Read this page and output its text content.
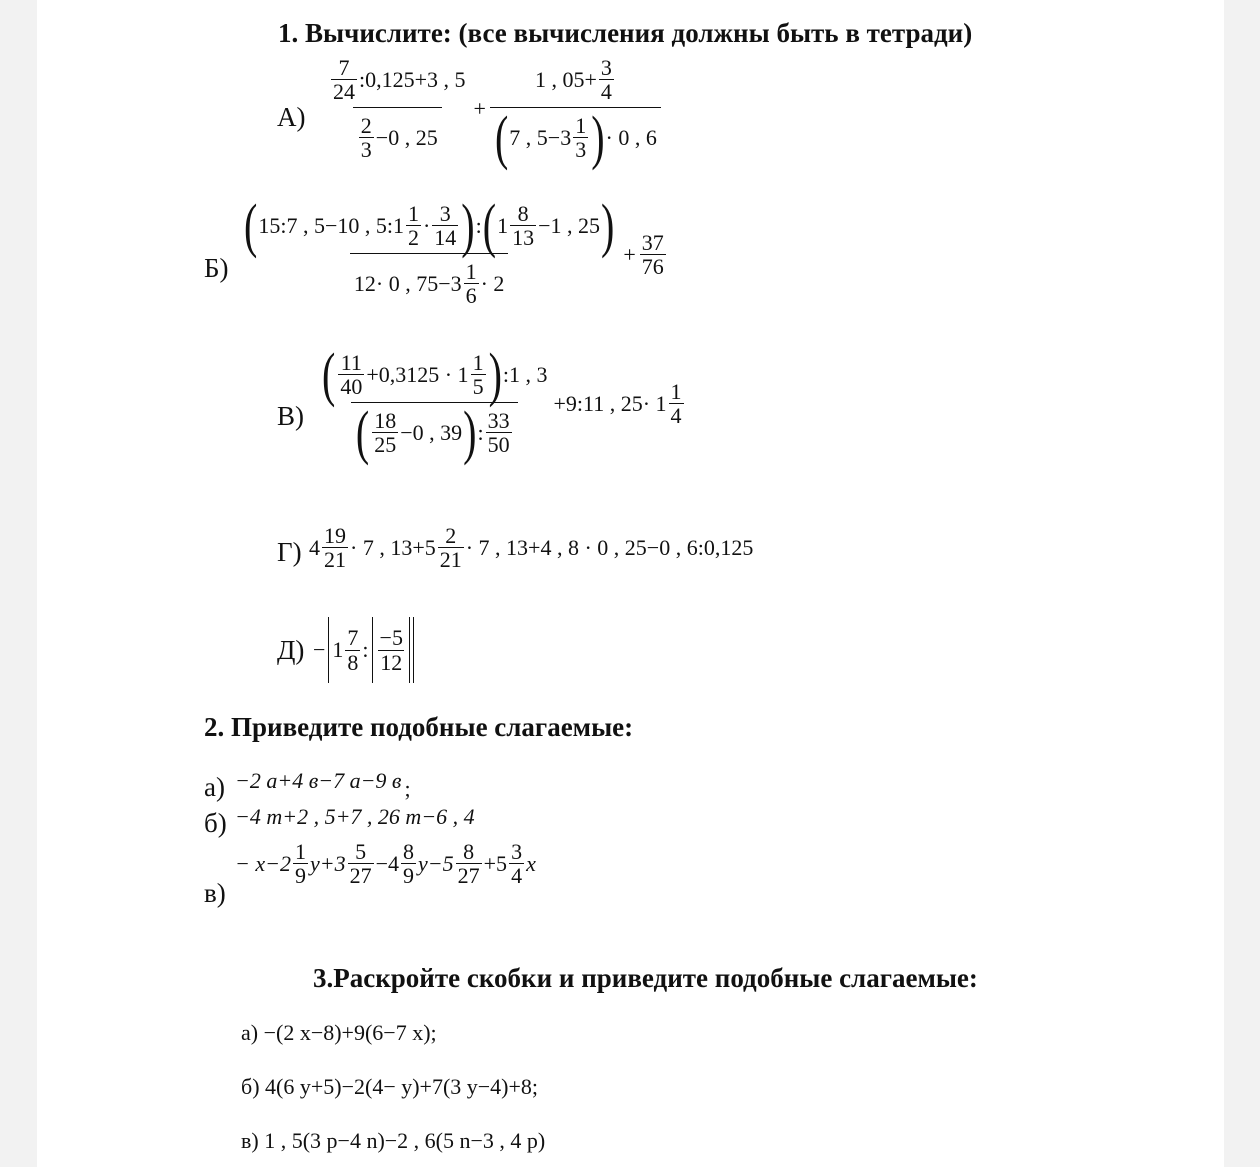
1. Вычислите: (все вычисления должны быть в тетради)
А)
7
24 :0,125+3 , 5
2
3 −0 , 25
+ 1 , $05+ \frac{3}{4}$
( 7 , 5−3 1
3 ) · 0 , 6
Б)
( 15:7 , 5−10 , 5:1 1
2 · 3
14 ) : ( 1 8
13 −1 , 25 )
12· 0 , 75−3 1
6 · 2
+ $\frac{37}{76}$
В)
( 11
40 +0,3125 · 1 1
5 ) :1 , 3
( 18
25 −0 , 39 ) : 33
50
+9:11 , 25· 1 1
4
Г) 4 19
21 · 7 , 13+5 2
21 · 7 , 13+4 , 8 · 0 , 25−0 , 6:0,125
Д) − 1 7
8 : −5
12
2. Приведите подобные слагаемые:
а) −2 а+4 в−7 а−9 в ;
б) −4 m+2 , 5+7 , 26 m−6 , 4
в)
− x−2 1
9 y+3 5
27 −4 8
9 y−5 8
27 +5 3
4 x
3.Раскройте скобки и приведите подобные слагаемые:
а) −(2 x−8)+9(6−7 x);
б) 4(6 y+5)−2(4− y)+7(3 y−4)+8;
в) 1 , 5(3 p−4 n)−2 , 6(5 n−3 , 4 p)
